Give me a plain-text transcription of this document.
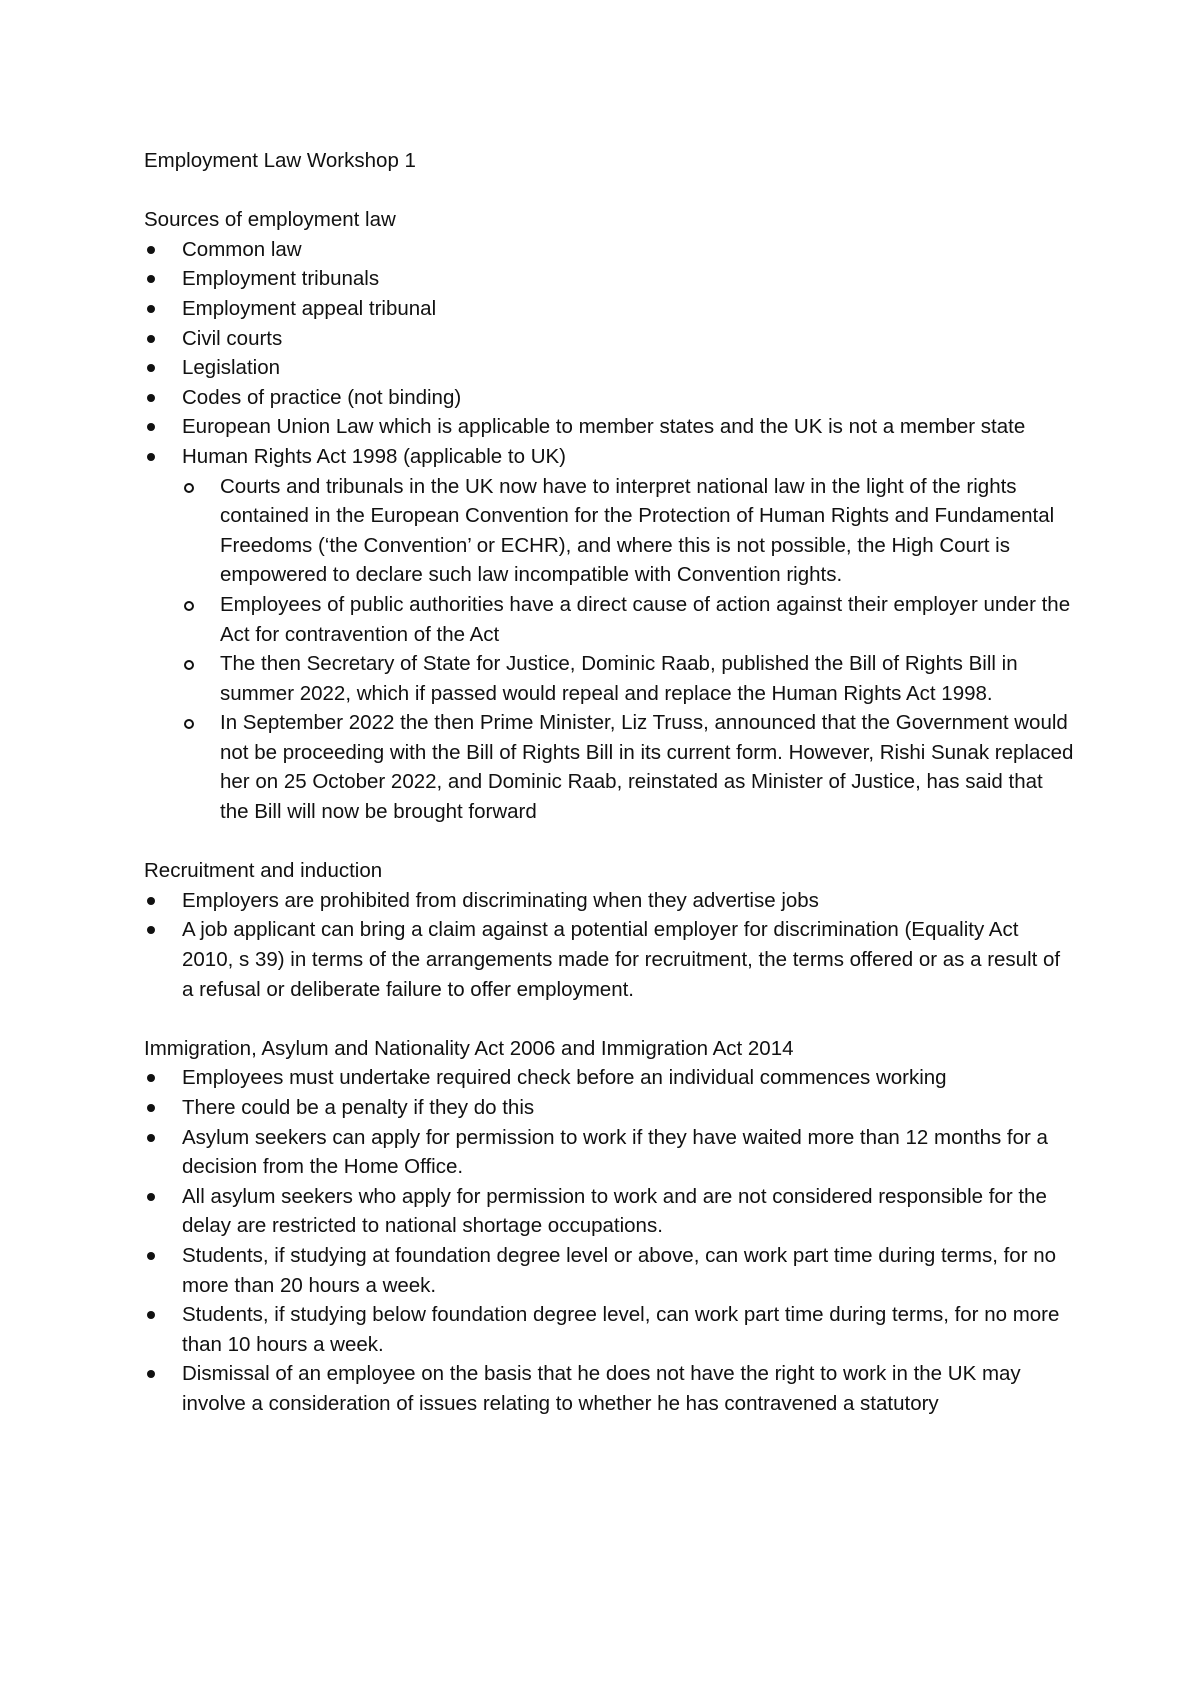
Employment Law Workshop 1

Sources of employment law

Common law
Employment tribunals
Employment appeal tribunal
Civil courts
Legislation
Codes of practice (not binding)
European Union Law which is applicable to member states and the UK is not a member state
Human Rights Act 1998 (applicable to UK)
Courts and tribunals in the UK now have to interpret national law in the light of the rights contained in the European Convention for the Protection of Human Rights and Fundamental Freedoms (‘the Convention’ or ECHR), and where this is not possible, the High Court is empowered to declare such law incompatible with Convention rights.
Employees of public authorities have a direct cause of action against their employer under the Act for contravention of the Act
The then Secretary of State for Justice, Dominic Raab, published the Bill of Rights Bill in summer 2022, which if passed would repeal and replace the Human Rights Act 1998.
In September 2022 the then Prime Minister, Liz Truss, announced that the Government would not be proceeding with the Bill of Rights Bill in its current form. However, Rishi Sunak replaced her on 25 October 2022, and Dominic Raab, reinstated as Minister of Justice, has said that the Bill will now be brought forward

Recruitment and induction

Employers are prohibited from discriminating when they advertise jobs
A job applicant can bring a claim against a potential employer for discrimination (Equality Act 2010, s 39) in terms of the arrangements made for recruitment, the terms offered or as a result of a refusal or deliberate failure to offer employment.

Immigration, Asylum and Nationality Act 2006 and Immigration Act 2014

Employees must undertake required check before an individual commences working
There could be a penalty if they do this
Asylum seekers can apply for permission to work if they have waited more than 12 months for a decision from the Home Office.
All asylum seekers who apply for permission to work and are not considered responsible for the delay are restricted to national shortage occupations.
Students, if studying at foundation degree level or above, can work part time during terms, for no more than 20 hours a week.
Students, if studying below foundation degree level, can work part time during terms, for no more than 10 hours a week.
Dismissal of an employee on the basis that he does not have the right to work in the UK may involve a consideration of issues relating to whether he has contravened a statutory
